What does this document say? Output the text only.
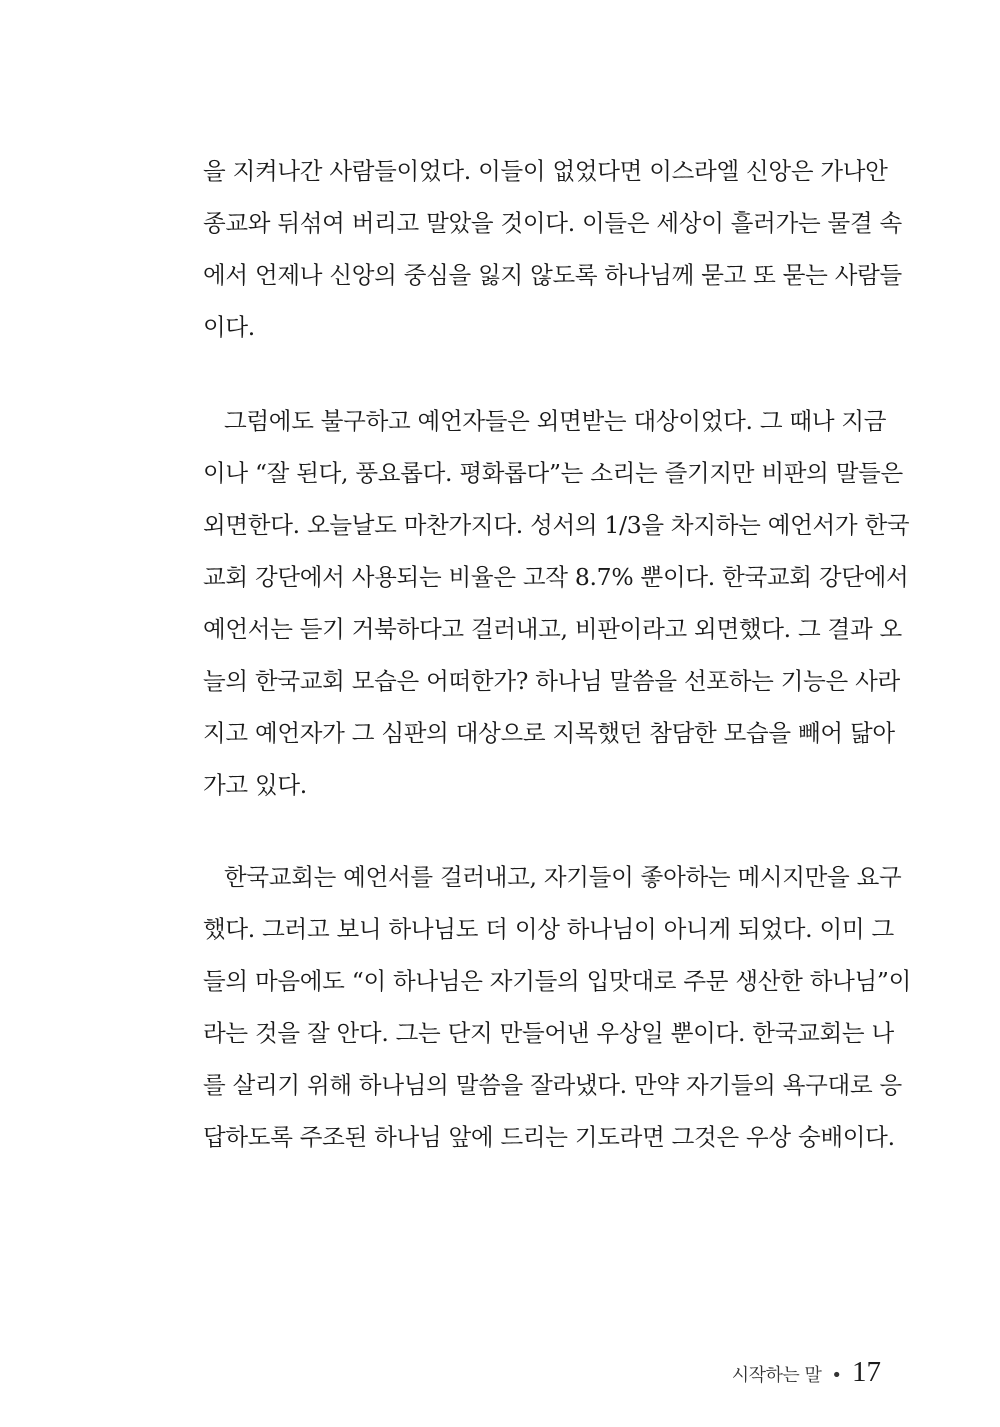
을 지켜나간 사람들이었다. 이들이 없었다면 이스라엘 신앙은 가나안
종교와 뒤섞여 버리고 말았을 것이다. 이들은 세상이 흘러가는 물결 속
에서 언제나 신앙의 중심을 잃지 않도록 하나님께 묻고 또 묻는 사람들
이다.
그럼에도 불구하고 예언자들은 외면받는 대상이었다. 그 때나 지금
이나 “잘 된다, 풍요롭다. 평화롭다”는 소리는 즐기지만 비판의 말들은
외면한다. 오늘날도 마찬가지다. 성서의 1/3을 차지하는 예언서가 한국
교회 강단에서 사용되는 비율은 고작 8.7% 뿐이다. 한국교회 강단에서
예언서는 듣기 거북하다고 걸러내고, 비판이라고 외면했다. 그 결과 오
늘의 한국교회 모습은 어떠한가? 하나님 말씀을 선포하는 기능은 사라
지고 예언자가 그 심판의 대상으로 지목했던 참담한 모습을 빼어 닮아
가고 있다.
한국교회는 예언서를 걸러내고, 자기들이 좋아하는 메시지만을 요구
했다. 그러고 보니 하나님도 더 이상 하나님이 아니게 되었다. 이미 그
들의 마음에도 “이 하나님은 자기들의 입맛대로 주문 생산한 하나님”이
라는 것을 잘 안다. 그는 단지 만들어낸 우상일 뿐이다. 한국교회는 나
를 살리기 위해 하나님의 말씀을 잘라냈다. 만약 자기들의 욕구대로 응
답하도록 주조된 하나님 앞에 드리는 기도라면 그것은 우상 숭배이다.
시작하는 말 • 17
